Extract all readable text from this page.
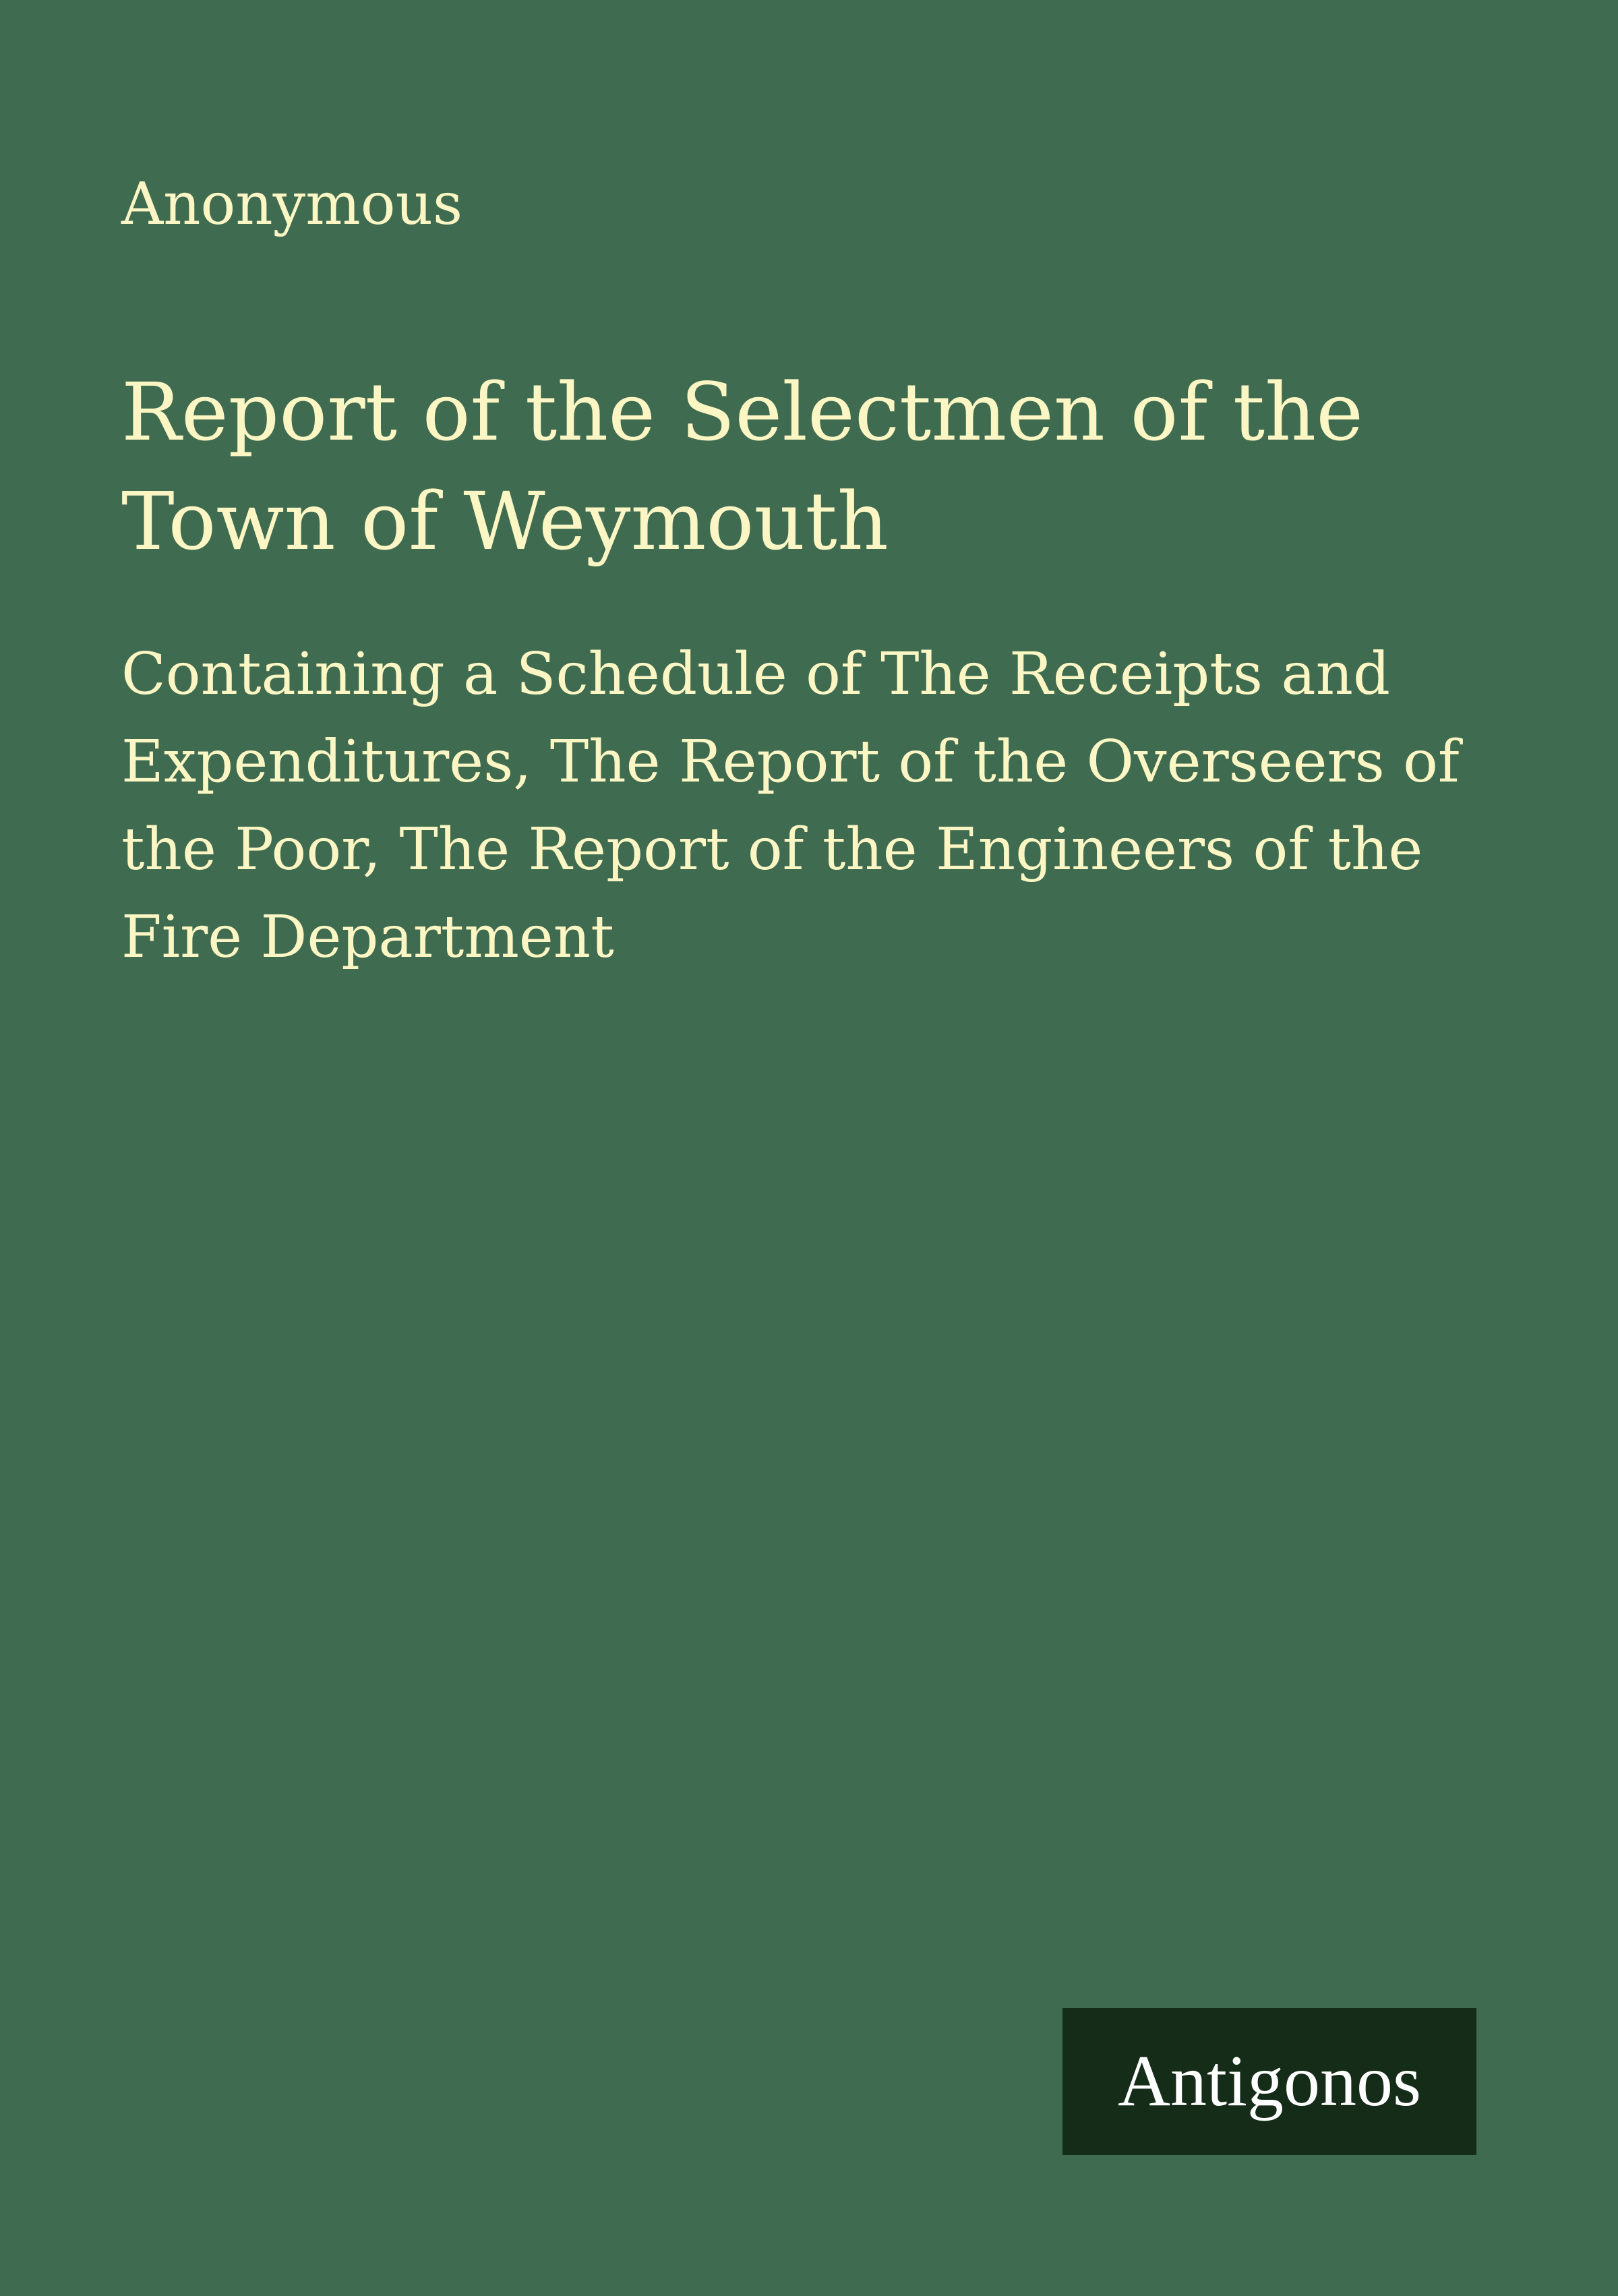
Anonymous

Report of the Selectmen of the Town of Weymouth

Containing a Schedule of The Receipts and Expenditures, The Report of the Overseers of the Poor, The Report of the Engineers of the Fire Department

Antigonos
